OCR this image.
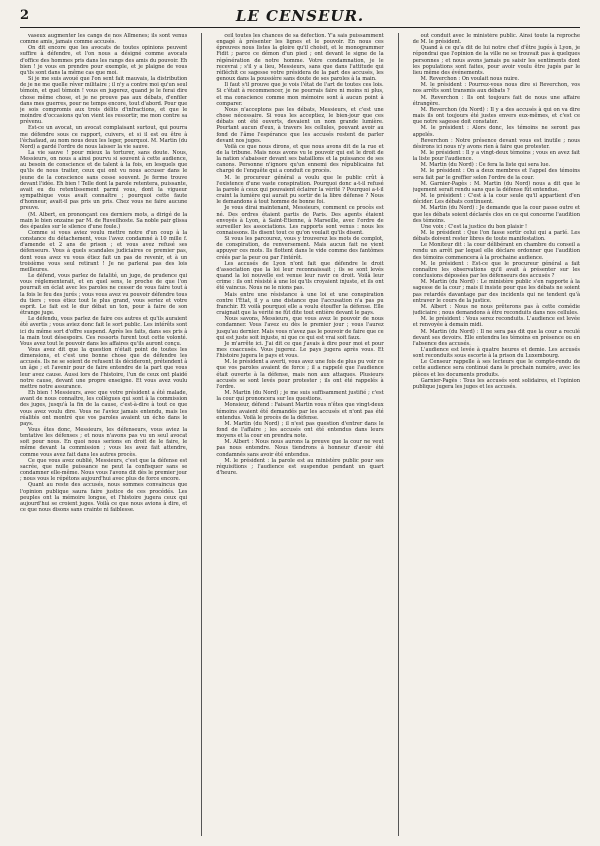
2	LE CENSEUR.

vaseux augmenter les cangs de nos Allmenes; ils sont venus comme amis, jamais comme accusés.

On dit encore que les avocats de toutes opinions peuvent suffire à défendre, et l'on nous a désigné comme avocats d'office des hommes pris dans les rangs des amis du pouvoir. Eh bien ! je vous en prendre pour exemple, et je plaigne de vous qu'ils sont dans la même cas que moi.

Si je me suis avoué que l'on sent fait mauvais, la distribution de je ne me quelle réver militaire ; il n'y a contre moi qu'un seul témoin, et quel témoin ! vous en jugerez, quand je le ferai dire chose même chose, et je ne prouve pas aux débats, d'enfiler dans mes guerres, pour ne temps encore, tout d'abord. Pour que je sois compromis aux trois délits d'infractions, et que le moindre d'occasions qu'on vient les ressortir, me mon contre sa prévenu.

Est-ce un avocat, un avocat complaisant surtout, qui pourra me défendre sous ce rapport, cuivers, et si il est ou être à l'échafaud, au nom nous deux les leger, pourquoi. M. Martin (du Nord) a gardé l'ordre de nous laisser la vie sauve.

La vie sauve ! pour mieux la torturer, sans doute. Nous, Messieurs, on nous a ainsi pourvu si souvent à cette audience, au besoin de conscience et de talent à la fois, en lesquels que qu'ils de nous traiter, ceux qui ont vu nous accuser dans le jeune de la conscience sans cesse souvent. Je ferme trouve devant l'idée. Eh bien ! Telle dont la parole retentera, puissante, avait eu du retentissement parmi vous, dont la vigueur sympathique vous avait connaître ; pourquoi cette faute d'honneur, avait-il pas pris un pris. Chez vous ne faire aucune preuve.

(M. Albert, en prononçant ces derniers mots, a dirigé de la main le bien onzaine par M. de Ruveilhoste. Sa noble pair glissa des épaules sur le silence d'une foule.)

Comme si vous aviez voulu mettre notre d'un coup à la constance du détachement, vous l'avez condamné à 10 mille f. d'amende et 2 ans de prison ; et vous avez refusé ses défenseurs. Vous à quels scandales judiciaires ce premier pas, dont vous avez vu vous étiez fait un pas de revenir, et à un troisième vous seul retirant ! Je ne parlerai pas des lois meilleures.

Le défend, vous parlez de fatalité, un juge, de prudence qui vous réglementerait, et en quel sens, le proche de que l'on pourrait en éclat avec les paroles ne cesser de vous faire tout à la fois le feu des jurés ; vous vous avez vu pouvoir défendre tous du tiers ; vous étiez tout le plus grand, vous seriez et votre esprit. Le fait est le dur débat un ton, pour à faire de son étrange juge.

Le défendu, vous parlez de faire ces autres et qu'ils auraient été avertis ; vous aviez donc fait le sort public. Les intérêts sont ici du même sort d'offre suspend. Après les faits, dans ses pris à la main tout désespoirs. Ces ressorts furent tout cette volonté. Vous avez tout le pouvoir dans les affaires qu'ils auront conçu.

Vous avez dit que la question n'était point de toutes les dimensions, et c'est une bonne chose que de défendre les accusés. Ils ne se soient de refusent ils décideront, prétendent à un âge ; et l'avenir pour de faire entendre de la part que vous leur avez cause. Aussi lors de l'histoire, l'un de ceux ont plaidé notre cause, devant une propre enseigne. Et vous avez voulu mettre notre assurance.

Eh bien ! Messieurs, avec que votre président a été malade, avant de nous connaître, les collègues qui sont à la commission des juges, jusqu'à la fin de la cause, c'est-à-dire à tout ce que vous avez voulu dire. Vous ne l'aviez jamais entendu, mais les réalités ont montré que vos paroles avaient un écho dans le pays.

Vous êtes donc, Messieurs, les défenseurs, vous aviez la tentative les défenses ; et nous n'avons pas vu un seul avocat soit pour nous. En quoi nous serions en droit de le faire, le même devant la commission ; vous les avez fait attendre, comme vous avez fait dans les autres procès.

Ce que vous avez oublié, Messieurs, c'est que la défense est sacrée, que nulle puissance ne peut la confisquer sans se condamner elle-même. Nous vous l'avons dit dès le premier jour ; nous vous le répétons aujourd'hui avec plus de force encore.

Quant au reste des accusés, nous sommes convaincus que l'opinion publique saura faire justice de ces procédés. Les peuples ont la mémoire longue, et l'histoire jugera ceux qui aujourd'hui se croient juges. Voilà ce que nous avions à dire, et ce que nous disons sans crainte ni faiblesse.

ceil toutes les chances de sa défection. Y'a sais puissamment engagé à présenter les lignes et le pouvoir. En nous ces épreuves nous listes la gloire qu'il choisit, et le monogrammer Fidit ; parce ce démon d'un pied ; ont devant le signe de la régénération de notre homme. Votre condamnation, je le recevrai ; s'il y a lieu, Messieurs, sans que dans l'attitude qui réfléchit ce sagesse votre présidera de la part des accusés, les genoux dans la poussière sans doute de ses paroles à la main.

Il faut s'il prouve que je vois l'état de l'art de toutes ces lois. Si c'était à recommencer, je ne pourrais faire ni moins ni plus, et ma conscience comme mon mémoire sont à aucun point à comparer.

Nous n'acceptons pas les débats, Messieurs, et c'est une chose nécessaire. Si vous les acceptiez, le bien-jour que ces débats ont été ouverts, devaient un nom grande lumière. Pourtant aucun d'eux, à travers les cellules, pouvant avoir au fond de l'âme l'espérance que les accusés restent de parler devant nos juges.

Voilà ce que nous dirons, et que nous avons dit de la rue et de la tribune. Mais nous avons vu le pouvoir qui est le droit de la nation s'abaisser devant ses bataillons et la puissance de ses canons. Personne n'ignore qu'un ennemi des républicains fut chargé de l'enquête qui a conduit ce procès.

M. le procureur général a voulu que le public crût à l'existence d'une vaste conspiration. Pourquoi donc a-t-il refusé la parole à ceux qui pouvaient éclairer la vérité ? Pourquoi a-t-il craint la lumière qui aurait pu sortir de la libre défense ? Nous le demandons à tout homme de bonne foi.

Je vous dirai maintenant, Messieurs, comment ce procès est né. Des ordres étaient partis de Paris. Des agents étaient envoyés à Lyon, à Saint-Étienne, à Marseille, avec l'ordre de surveiller les associations. Les rapports sont venus : nous les connaissons. Ils disent tout ce qu'on voulait qu'ils disent.

Si vous les parcourez, vous y trouverez les mots de complot, de conspiration, de renversement. Mais aucun fait ne vient appuyer ces mots. Ils flottent dans le vide comme des fantômes créés par la peur ou par l'intérêt.

Les accusés de Lyon n'ont fait que défendre le droit d'association que la loi leur reconnaissait ; ils se sont levés quand la loi nouvelle est venue leur ravir ce droit. Voilà leur crime : ils ont résisté à une loi qu'ils croyaient injuste, et ils ont été vaincus. Nous ne le nions pas.

Mais entre une résistance à une loi et une conspiration contre l'État, il y a une distance que l'accusation n'a pas pu franchir. Et voilà pourquoi elle a voulu étouffer la défense. Elle craignait que la vérité ne fût dite tout entière devant le pays.

Nous savons, Messieurs, que vous avez le pouvoir de nous condamner. Vous l'avez eu dès le premier jour ; vous l'aurez jusqu'au dernier. Mais vous n'avez pas le pouvoir de faire que ce qui est juste soit injuste, ni que ce qui est vrai soit faux.

Je m'arrête ici. J'ai dit ce que j'avais à dire pour moi et pour mes coaccusés. Vous jugerez. Le pays jugera après vous. Et l'histoire jugera le pays et vous.

M. le président a averti, vous avez une fois de plus pu voir ce que vos paroles avaient de force ; il a rappelé que l'audience était ouverte à la défense, mais non aux attaques. Plusieurs accusés se sont levés pour protester ; ils ont été rappelés à l'ordre.

M. Martin (du Nord) ; je me suis suffisamment justifié ; c'est la cour qui prononcera sur les questions.

Monsieur, défend : Faisant Martin vous n'êtes que vingt-deux témoins avaient été demandés par les accusés et n'ont pas été entendus. Voilà le procès de la défense.

M. Martin (du Nord) ; il n'est pas question d'entrer dans le fond de l'affaire ; les accusés ont été entendus dans leurs moyens et la cour en prendra note.

M. Albert : Nous nous aurons la preuve que la cour ne veut pas nous entendre. Nous tiendrons à honneur d'avoir été condamnés sans avoir été entendus.

M. le président : la parole est au ministère public pour ses réquisitions ; l'audience est suspendue pendant un quart d'heure.

out conduit avec le ministère public. Ainsi toute la reproche de M. le président.

Quand à ce qu'a dit de lui notre chef d'être jugés à Lyon, je répondrai que l'opinion de la ville ne se trouvait pas à quelques personnes ; et nous avons jamais pu saisir les sentiments dont les populations sont faites, pour avoir voulu être jugés par le lieu même des événements.

M. Reverchon : On voulait nous nuire.

M. le président : Pourrez-vous nous dire si Reverchon, vos nos arrêts sont transmis aux débats ?

M. Reverchon : Ils ont toujours fait de nous une affaire étrangère.

M. Reverchon (du Nord) : Il y a des accusés à qui on va dire mais ils ont toujours été justes envers eux-mêmes, et c'est ce que notre sagesse doit constater.

M. le président : Alors donc, les témoins ne seront pas appelés.

Reverchon : Notre présence devant vous est inutile ; nous désirons ici nous n'y avons rien à faire que protester.

M. le président : Il y a vingt-deux témoins ; vous en avez fait la liste pour l'audience.

M. Martin (du Nord) : Ce fera la liste qui sera lue.

M. le président : On a deux membres et l'appel des témoins sera fait par le greffier selon l'ordre de la cour.

M. Garnier-Pagès : M. Martin (du Nord) nous a dit que le jugement serait rendu sans que la défense fût entendue.

M. le président : C'est à la cour seule qu'il appartient d'en décider. Les débats continuent.

M. Martin (du Nord) : Je demande que la cour passe outre et que les débats soient déclarés clos en ce qui concerne l'audition des témoins.

Une voix : C'est la justice du bon plaisir !

M. le président : Que l'on fasse sortir celui qui a parlé. Les débats doivent rester libres de toute manifestation.

Le Moniteur dit : la cour délibérant en chambre du conseil a rendu un arrêt par lequel elle déclare ordonner que l'audition des témoins commencera à la prochaine audience.

M. le président : Est-ce que le procureur général a fait connaître les observations qu'il avait à présenter sur les conclusions déposées par les défenseurs des accusés ?

M. Martin (du Nord) : Le ministère public s'en rapporte à la sagesse de la cour ; mais il insiste pour que les débats ne soient pas retardés davantage par des incidents qui ne tendent qu'à entraver le cours de la justice.

M. Albert : Nous ne nous prêterons pas à cette comédie judiciaire ; nous demandons à être reconduits dans nos cellules.

M. le président : Vous serez reconduits. L'audience est levée et renvoyée à demain midi.

M. Martin (du Nord) : Il ne sera pas dit que la cour a reculé devant ses devoirs. Elle entendra les témoins en présence ou en l'absence des accusés.

L'audience est levée à quatre heures et demie. Les accusés sont reconduits sous escorte à la prison du Luxembourg.

Le Censeur rappelle à ses lecteurs que le compte-rendu de cette audience sera continué dans le prochain numéro, avec les pièces et les documents produits.

Garnier-Pagès : Tous les accusés sont solidaires, et l'opinion publique jugera les juges et les accusés.
